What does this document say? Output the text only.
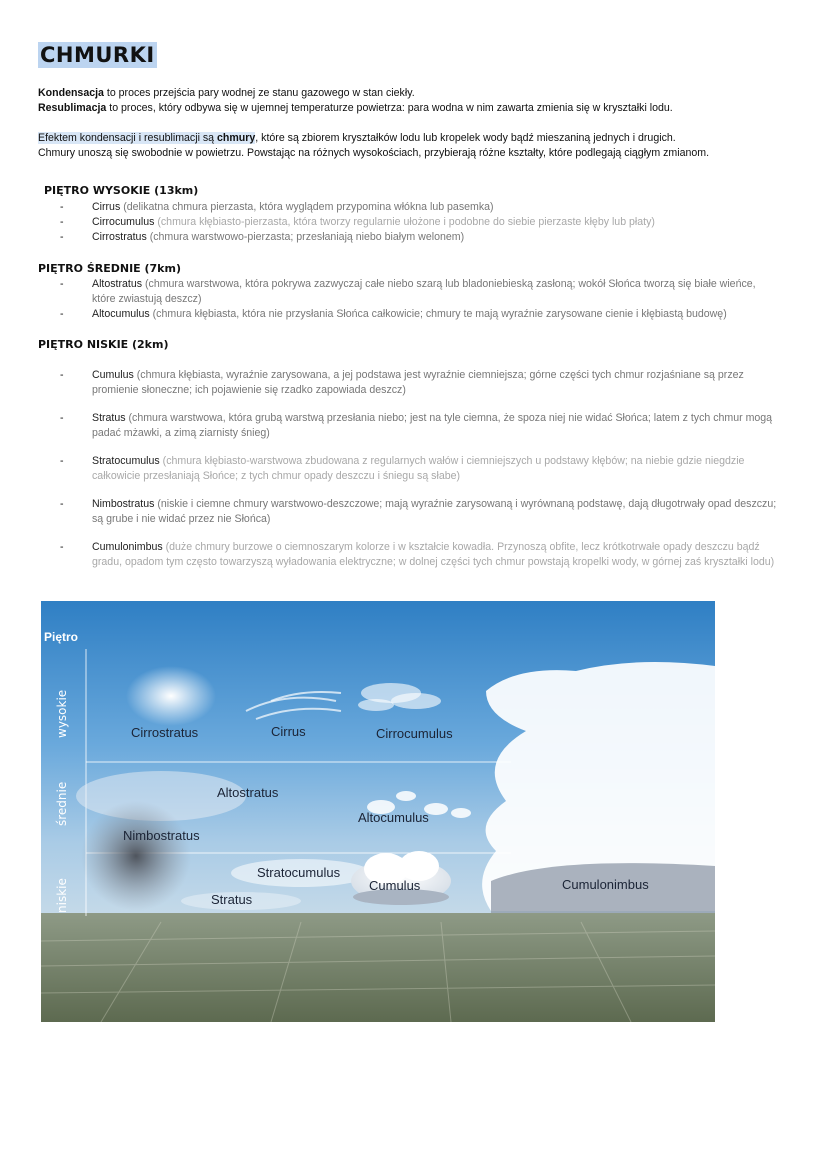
CHMURKI
Kondensacja to proces przejścia pary wodnej ze stanu gazowego w stan ciekły.
Resublimacja to proces, który odbywa się w ujemnej temperaturze powietrza: para wodna w nim zawarta zmienia się w kryształki lodu.
Efektem kondensacji i resublimacji są chmury, które są zbiorem kryształków lodu lub kropelek wody bądź mieszaniną jednych i drugich.
Chmury unoszą się swobodnie w powietrzu. Powstając na różnych wysokościach, przybierają różne kształty, które podlegają ciągłym zmianom.
PIĘTRO WYSOKIE (13km)
-	Cirrus (delikatna chmura pierzasta, która wyglądem przypomina włókna lub pasemka)
-	Cirrocumulus (chmura kłębiasto-pierzasta, która tworzy regularnie ułożone i podobne do siebie pierzaste kłęby lub płaty)
-	Cirrostratus (chmura warstwowo-pierzasta; przesłaniają niebo białym welonem)
PIĘTRO ŚREDNIE (7km)
-	Altostratus (chmura warstwowa, która pokrywa zazwyczaj całe niebo szarą lub bladoniebieską zasłoną; wokół Słońca tworzą się białe wieńce, które zwiastują deszcz)
-	Altocumulus (chmura kłębiasta, która nie przysłania Słońca całkowicie; chmury te mają wyraźnie zarysowane cienie i kłębiastą budowę)
PIĘTRO NISKIE (2km)
-	Cumulus (chmura kłębiasta, wyraźnie zarysowana, a jej podstawa jest wyraźnie ciemniejsza; górne części tych chmur rozjaśniane są przez promienie słoneczne; ich pojawienie się rzadko zapowiada deszcz)
-	Stratus (chmura warstwowa, która grubą warstwą przesłania niebo; jest na tyle ciemna, że spoza niej nie widać Słońca; latem z tych chmur mogą padać mżawki, a zimą ziarnisty śnieg)
-	Stratocumulus (chmura kłębiasto-warstwowa zbudowana z regularnych wałów i ciemniejszych u podstawy kłębów; na niebie gdzie niegdzie całkowicie przesłaniają Słońce; z tych chmur opady deszczu i śniegu są słabe)
-	Nimbostratus (niskie i ciemne chmury warstwowo-deszczowe; mają wyraźnie zarysowaną i wyrównaną podstawę, dają długotrwały opad deszczu; są grube i nie widać przez nie Słońca)
-	Cumulonimbus (duże chmury burzowe o ciemnoszarym kolorze i w kształcie kowadła. Przynoszą obfite, lecz krótkotrwałe opady deszczu bądź gradu, opadom tym często towarzyszą wyładowania elektryczne; w dolnej części tych chmur powstają kropelki wody, w górnej zaś kryształki lodu)
Piętro
wysokie
średnie
niskie
Cirrostratus	Cirrus	Cirrocumulus
Altostratus
Altocumulus
Nimbostratus
Stratocumulus
Cumulus
Stratus
Cumulonimbus
